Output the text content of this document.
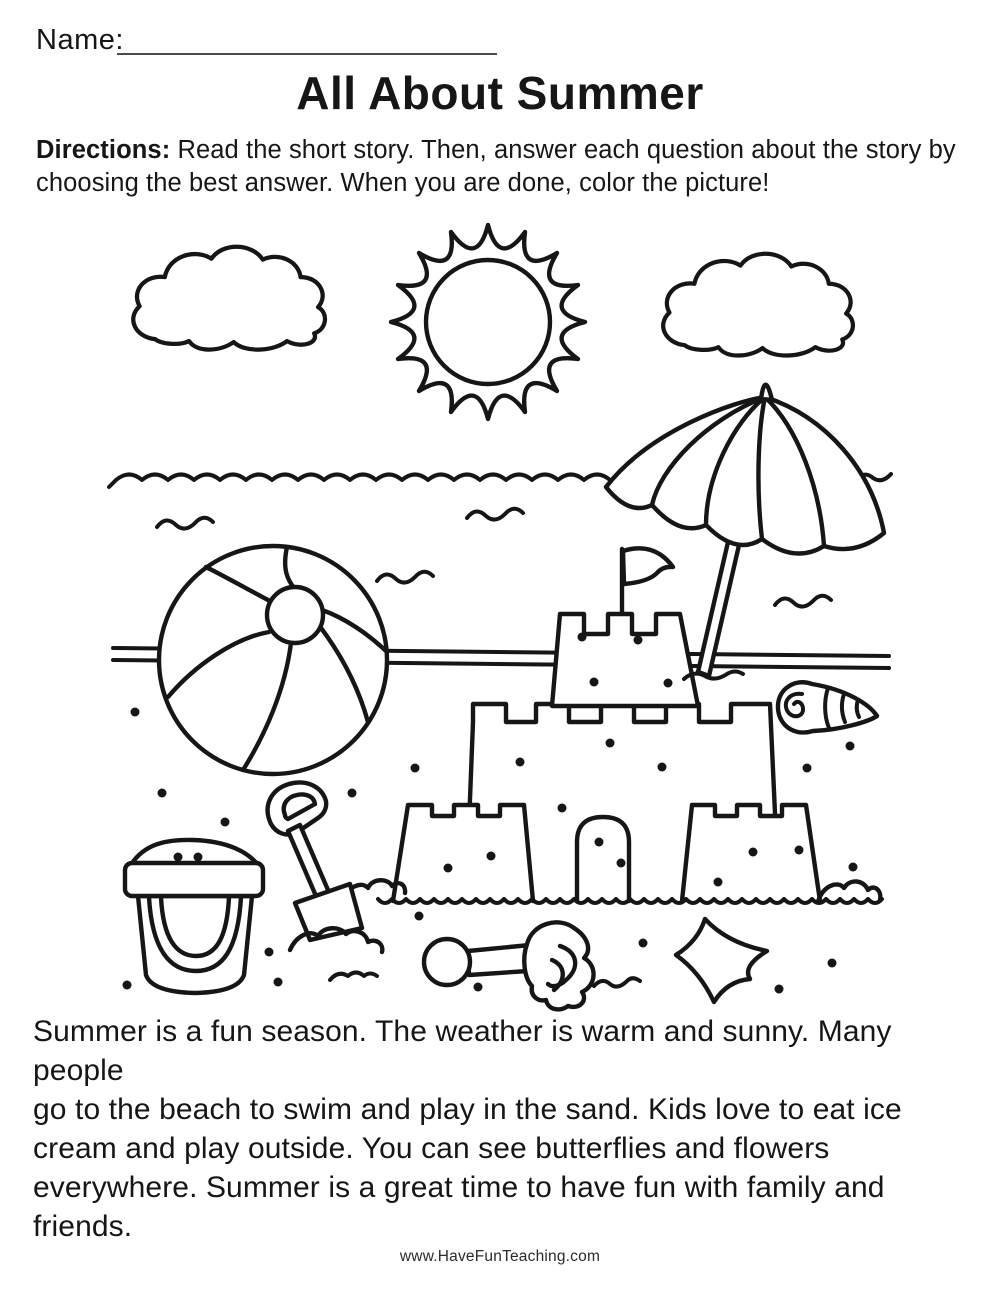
Name:
All About Summer

Directions: Read the short story. Then, answer each question about the story by
choosing the best answer. When you are done, color the picture!

Summer is a fun season. The weather is warm and sunny. Many people
go to the beach to swim and play in the sand. Kids love to eat ice
cream and play outside. You can see butterflies and flowers
everywhere. Summer is a great time to have fun with family and
friends.

www.HaveFunTeaching.com
